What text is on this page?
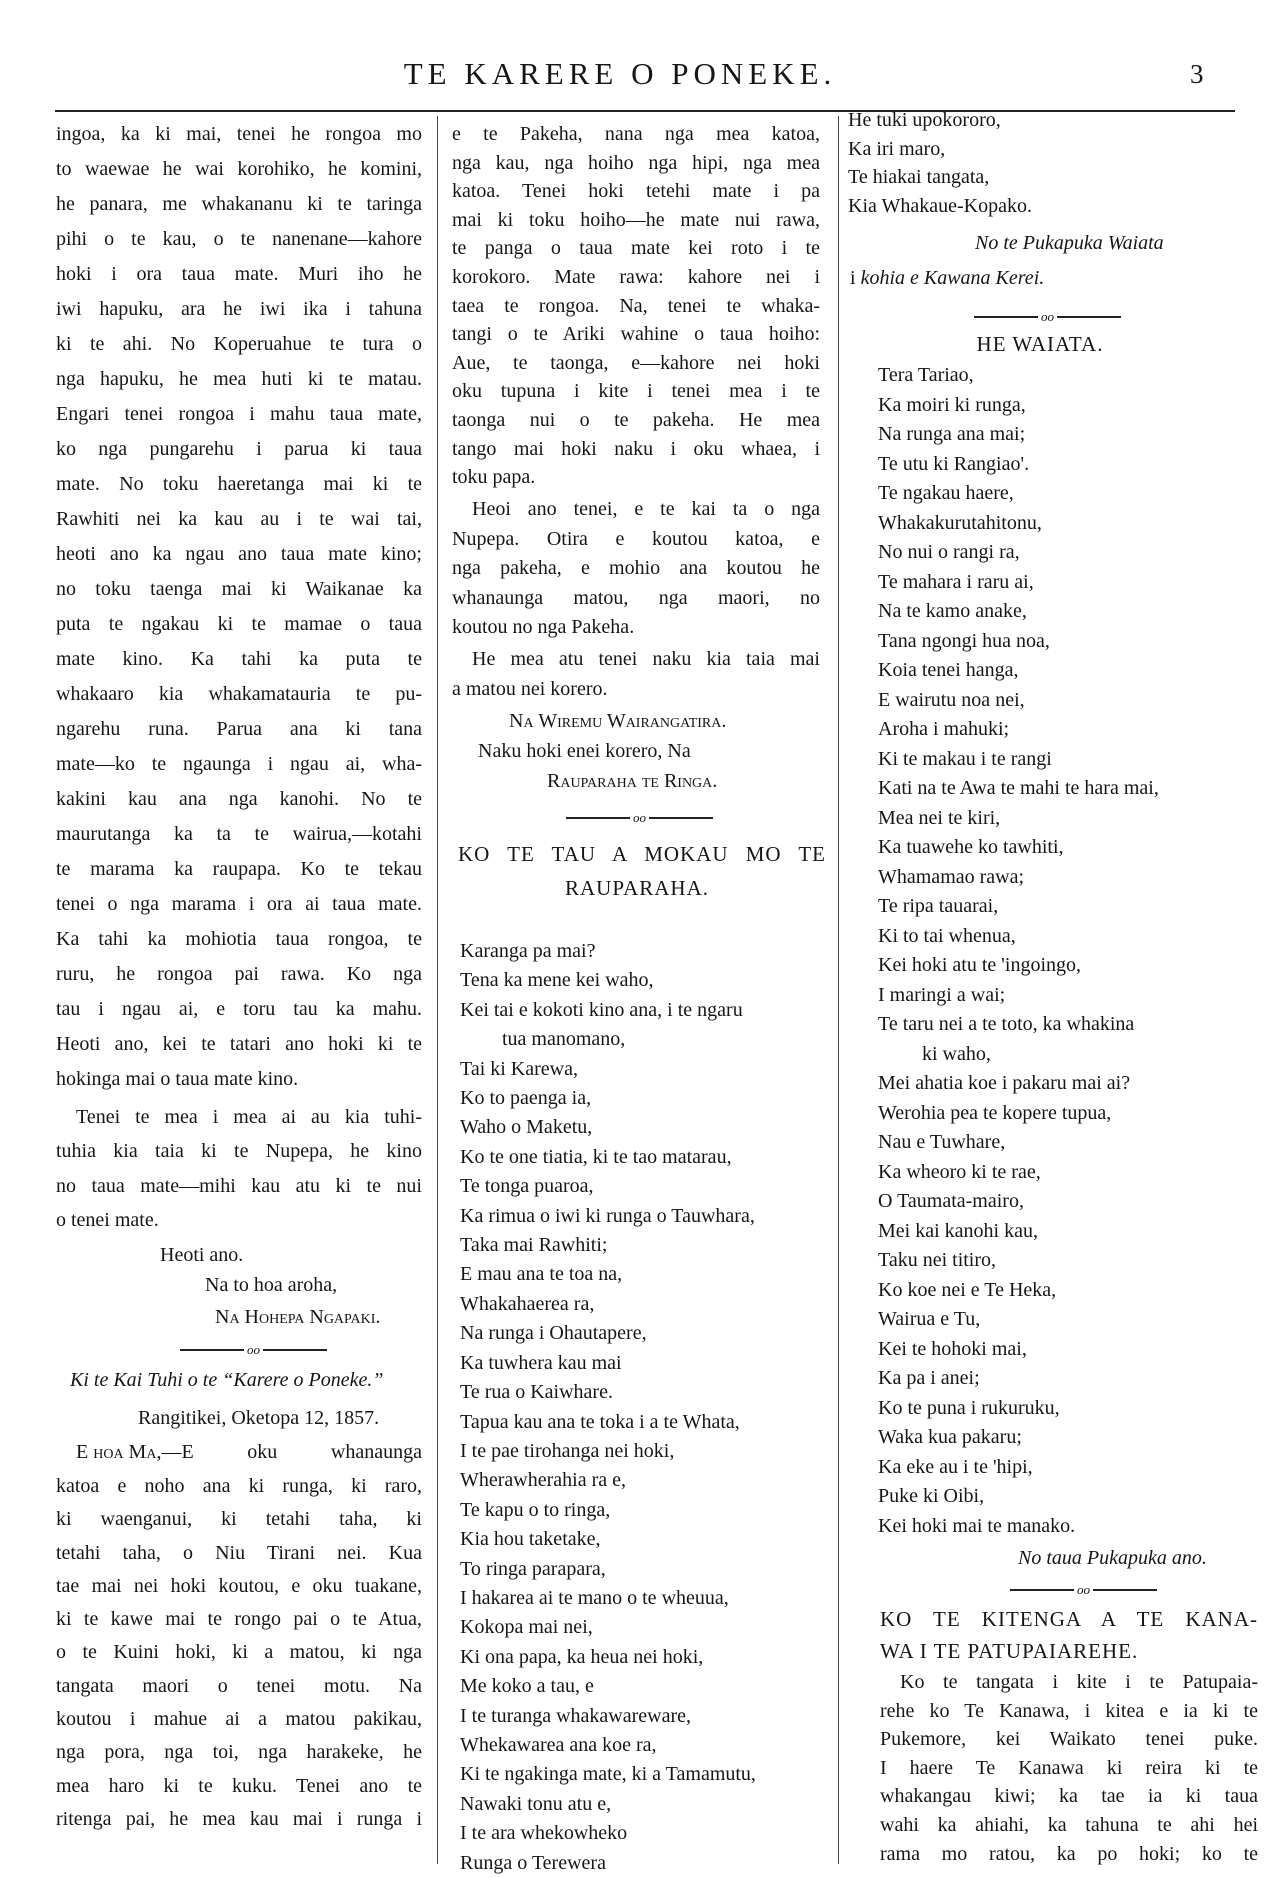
TE KARERE O PONEKE.	3
ingoa, ka ki mai, tenei he rongoa mo
to waewae he wai korohiko, he komini,
he panara, me whakananu ki te taringa
pihi o te kau, o te nanenane—kahore
hoki i ora taua mate. Muri iho he
iwi hapuku, ara he iwi ika i tahuna
ki te ahi. No Koperuahue te tura o
nga hapuku, he mea huti ki te matau.
Engari tenei rongoa i mahu taua mate,
ko nga pungarehu i parua ki taua
mate. No toku haeretanga mai ki te
Rawhiti nei ka kau au i te wai tai,
heoti ano ka ngau ano taua mate kino;
no toku taenga mai ki Waikanae ka
puta te ngakau ki te mamae o taua
mate kino. Ka tahi ka puta te
whakaaro kia whakamatauria te pu-
ngarehu runa. Parua ana ki tana
mate—ko te ngaunga i ngau ai, wha-
kakini kau ana nga kanohi. No te
maurutanga ka ta te wairua,—kotahi
te marama ka raupapa. Ko te tekau
tenei o nga marama i ora ai taua mate.
Ka tahi ka mohiotia taua rongoa, te
ruru, he rongoa pai rawa. Ko nga
tau i ngau ai, e toru tau ka mahu.
Heoti ano, kei te tatari ano hoki ki te
hokinga mai o taua mate kino.
Tenei te mea i mea ai au kia tuhi-
tuhia kia taia ki te Nupepa, he kino
no taua mate—mihi kau atu ki te nui
o tenei mate.
Heoti ano.
Na to hoa aroha,
Na Hohepa Ngapaki.
oo
Ki te Kai Tuhi o te “Karere o Poneke.”
Rangitikei, Oketopa 12, 1857.
E hoa Ma, —E oku whanaunga
katoa e noho ana ki runga, ki raro,
ki waenganui, ki tetahi taha, ki
tetahi taha, o Niu Tirani nei. Kua
tae mai nei hoki koutou, e oku tuakane,
ki te kawe mai te rongo pai o te Atua,
o te Kuini hoki, ki a matou, ki nga
tangata maori o tenei motu. Na
koutou i mahue ai a matou pakikau,
nga pora, nga toi, nga harakeke, he
mea haro ki te kuku. Tenei ano te
ritenga pai, he mea kau mai i runga i
e te Pakeha, nana nga mea katoa,
nga kau, nga hoiho nga hipi, nga mea
katoa. Tenei hoki tetehi mate i pa
mai ki toku hoiho—he mate nui rawa,
te panga o taua mate kei roto i te
korokoro. Mate rawa: kahore nei i
taea te rongoa. Na, tenei te whaka-
tangi o te Ariki wahine o taua hoiho:
Aue, te taonga, e—kahore nei hoki
oku tupuna i kite i tenei mea i te
taonga nui o te pakeha. He mea
tango mai hoki naku i oku whaea, i
toku papa.
Heoi ano tenei, e te kai ta o nga
Nupepa. Otira e koutou katoa, e
nga pakeha, e mohio ana koutou he
whanaunga matou, nga maori, no
koutou no nga Pakeha.
He mea atu tenei naku kia taia mai
a matou nei korero.
Na Wiremu Wairangatira.
Naku hoki enei korero, Na
Rauparaha te Ringa.
oo
KO TE TAU A MOKAU MO TE
RAUPARAHA.
Karanga pa mai?
Tena ka mene kei waho,
Kei tai e kokoti kino ana, i te ngaru
tua manomano,
Tai ki Karewa,
Ko to paenga ia,
Waho o Maketu,
Ko te one tiatia, ki te tao matarau,
Te tonga puaroa,
Ka rimua o iwi ki runga o Tauwhara,
Taka mai Rawhiti;
E mau ana te toa na,
Whakahaerea ra,
Na runga i Ohautapere,
Ka tuwhera kau mai
Te rua o Kaiwhare.
Tapua kau ana te toka i a te Whata,
I te pae tirohanga nei hoki,
Wherawherahia ra e,
Te kapu o to ringa,
Kia hou taketake,
To ringa parapara,
I hakarea ai te mano o te wheuua,
Kokopa mai nei,
Ki ona papa, ka heua nei hoki,
Me koko a tau, e
I te turanga whakawareware,
Whekawarea ana koe ra,
Ki te ngakinga mate, ki a Tamamutu,
Nawaki tonu atu e,
I te ara whekowheko
Runga o Terewera
He tuki upokororo,
Ka iri maro,
Te hiakai tangata,
Kia Whakaue-Kopako.
No te Pukapuka Waiata
i kohia e Kawana Kerei.
oo
HE WAIATA.
Tera Tariao,
Ka moiri ki runga,
Na runga ana mai;
Te utu ki Rangiao'.
Te ngakau haere,
Whakakurutahitonu,
No nui o rangi ra,
Te mahara i raru ai,
Na te kamo anake,
Tana ngongi hua noa,
Koia tenei hanga,
E wairutu noa nei,
Aroha i mahuki;
Ki te makau i te rangi
Kati na te Awa te mahi te hara mai,
Mea nei te kiri,
Ka tuawehe ko tawhiti,
Whamamao rawa;
Te ripa tauarai,
Ki to tai whenua,
Kei hoki atu te 'ingoingo,
I maringi a wai;
Te taru nei a te toto, ka whakina
ki waho,
Mei ahatia koe i pakaru mai ai?
Werohia pea te kopere tupua,
Nau e Tuwhare,
Ka wheoro ki te rae,
O Taumata-mairo,
Mei kai kanohi kau,
Taku nei titiro,
Ko koe nei e Te Heka,
Wairua e Tu,
Kei te hohoki mai,
Ka pa i anei;
Ko te puna i rukuruku,
Waka kua pakaru;
Ka eke au i te 'hipi,
Puke ki Oibi,
Kei hoki mai te manako.
No taua Pukapuka ano.
oo
KO TE KITENGA A TE KANA-
WA I TE PATUPAIAREHE.
Ko te tangata i kite i te Patupaia-
rehe ko Te Kanawa, i kitea e ia ki te
Pukemore, kei Waikato tenei puke.
I haere Te Kanawa ki reira ki te
whakangau kiwi; ka tae ia ki taua
wahi ka ahiahi, ka tahuna te ahi hei
rama mo ratou, ka po hoki; ko te
